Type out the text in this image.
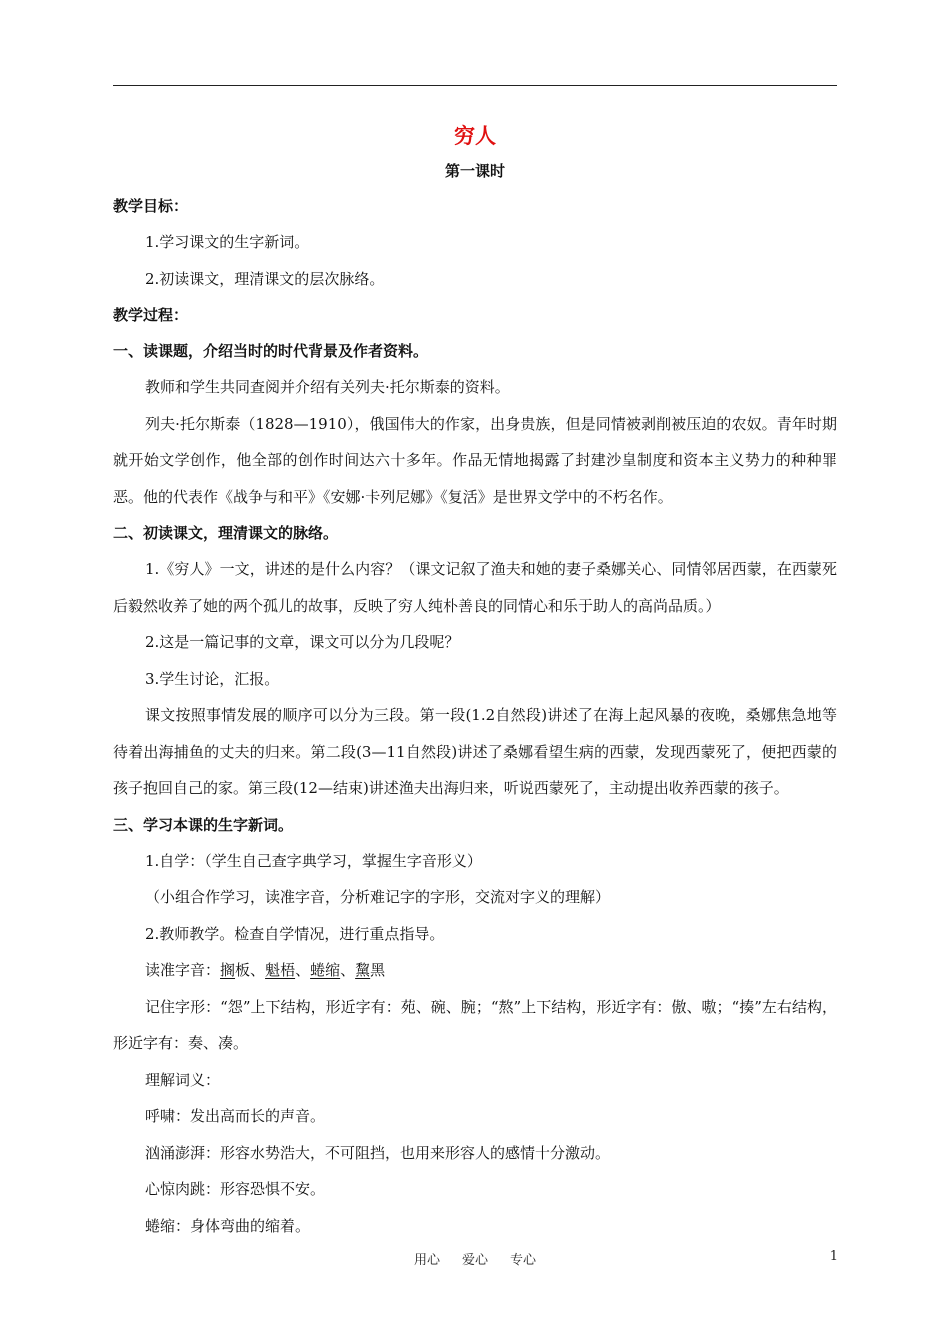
穷人

第一课时

教学目标：

1.学习课文的生字新词。

2.初读课文，理清课文的层次脉络。

教学过程：

一、读课题，介绍当时的时代背景及作者资料。

教师和学生共同查阅并介绍有关列夫·托尔斯泰的资料。

列夫·托尔斯泰（1828—1910），俄国伟大的作家，出身贵族，但是同情被剥削被压迫的农奴。青年时期就开始文学创作，他全部的创作时间达六十多年。作品无情地揭露了封建沙皇制度和资本主义势力的种种罪恶。他的代表作《战争与和平》《安娜·卡列尼娜》《复活》是世界文学中的不朽名作。

二、初读课文，理清课文的脉络。

1.《穷人》一文，讲述的是什么内容？（课文记叙了渔夫和她的妻子桑娜关心、同情邻居西蒙，在西蒙死后毅然收养了她的两个孤儿的故事，反映了穷人纯朴善良的同情心和乐于助人的高尚品质。）

2.这是一篇记事的文章，课文可以分为几段呢？

3.学生讨论，汇报。

课文按照事情发展的顺序可以分为三段。第一段(1.2自然段)讲述了在海上起风暴的夜晚，桑娜焦急地等待着出海捕鱼的丈夫的归来。第二段(3—11自然段)讲述了桑娜看望生病的西蒙，发现西蒙死了，便把西蒙的孩子抱回自己的家。第三段(12—结束)讲述渔夫出海归来，听说西蒙死了，主动提出收养西蒙的孩子。

三、学习本课的生字新词。

1.自学：（学生自己查字典学习，掌握生字音形义）

（小组合作学习，读准字音，分析难记字的字形，交流对字义的理解）

2.教师教学。检查自学情况，进行重点指导。

读准字音：搁板、魁梧、蜷缩、黧黑

记住字形：“怨”上下结构，形近字有：苑、碗、腕；“熬”上下结构，形近字有：傲、嗷；“揍”左右结构，形近字有：奏、凑。

理解词义：

呼啸：发出高而长的声音。

汹涌澎湃：形容水势浩大，不可阻挡，也用来形容人的感情十分激动。

心惊肉跳：形容恐惧不安。

蜷缩：身体弯曲的缩着。

用心 爱心 专心	1
